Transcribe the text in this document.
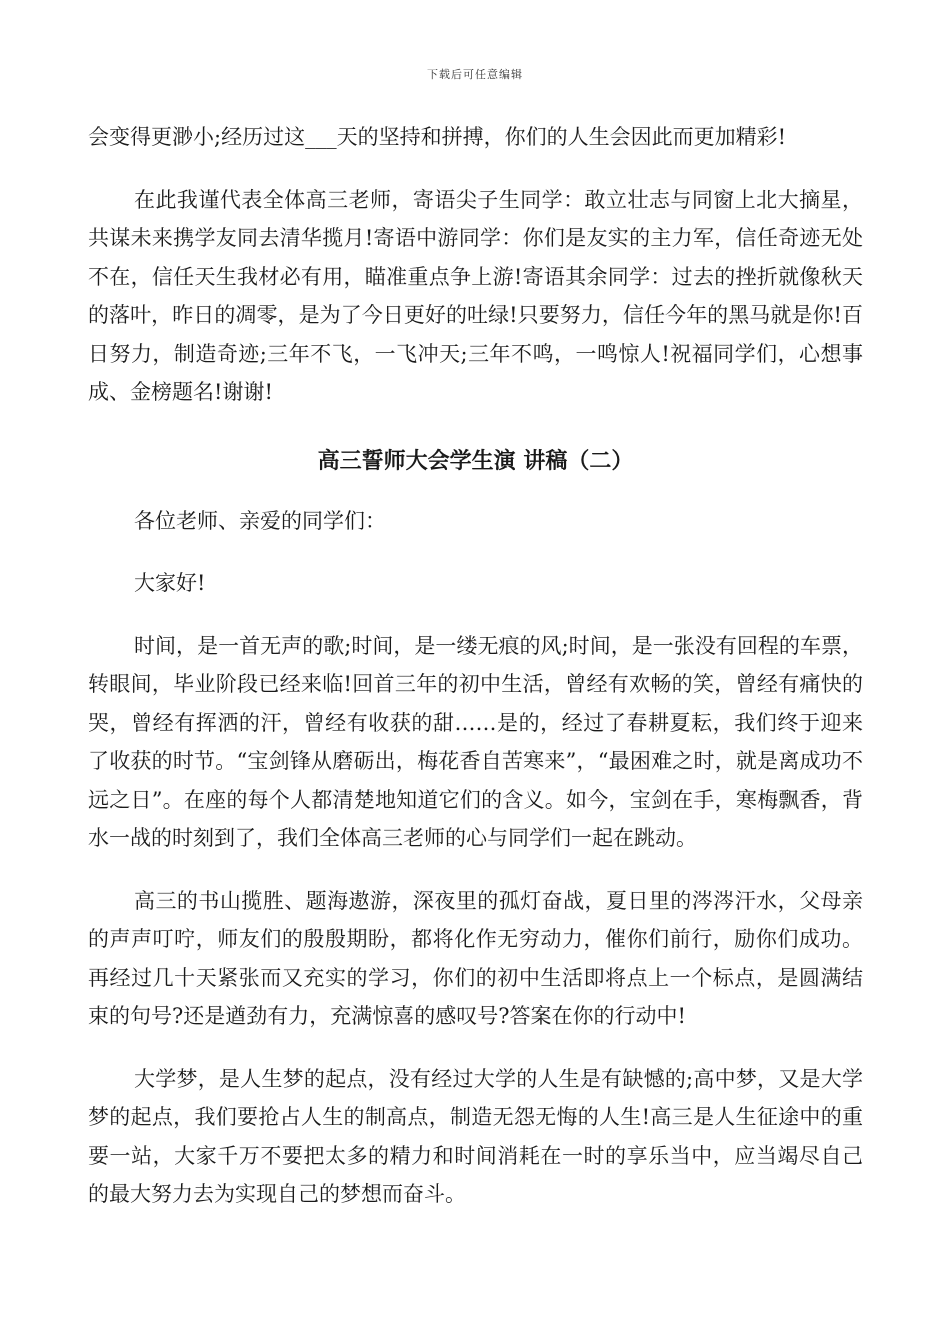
下载后可任意编辑

会变得更渺小;经历过这___天的坚持和拼搏，你们的人生会因此而更加精彩!

在此我谨代表全体高三老师，寄语尖子生同学：敢立壮志与同窗上北大摘星，共谋未来携学友同去清华揽月!寄语中游同学：你们是友实的主力军，信任奇迹无处不在，信任天生我材必有用，瞄准重点争上游!寄语其余同学：过去的挫折就像秋天的落叶，昨日的凋零，是为了今日更好的吐绿!只要努力，信任今年的黑马就是你!百日努力，制造奇迹;三年不飞，一飞冲天;三年不鸣，一鸣惊人!祝福同学们，心想事成、金榜题名!谢谢!

高三誓师大会学生演 讲稿（二）

各位老师、亲爱的同学们：

大家好!

时间，是一首无声的歌;时间，是一缕无痕的风;时间，是一张没有回程的车票，转眼间，毕业阶段已经来临!回首三年的初中生活，曾经有欢畅的笑，曾经有痛快的哭，曾经有挥洒的汗，曾经有收获的甜……是的，经过了春耕夏耘，我们终于迎来了收获的时节。“宝剑锋从磨砺出，梅花香自苦寒来”，“最困难之时，就是离成功不远之日”。在座的每个人都清楚地知道它们的含义。如今，宝剑在手，寒梅飘香，背水一战的时刻到了，我们全体高三老师的心与同学们一起在跳动。

高三的书山揽胜、题海遨游，深夜里的孤灯奋战，夏日里的涔涔汗水，父母亲的声声叮咛，师友们的殷殷期盼，都将化作无穷动力，催你们前行，励你们成功。再经过几十天紧张而又充实的学习，你们的初中生活即将点上一个标点，是圆满结束的句号?还是遒劲有力，充满惊喜的感叹号?答案在你的行动中!

大学梦，是人生梦的起点，没有经过大学的人生是有缺憾的;高中梦，又是大学梦的起点，我们要抢占人生的制高点，制造无怨无悔的人生!高三是人生征途中的重要一站，大家千万不要把太多的精力和时间消耗在一时的享乐当中，应当竭尽自己的最大努力去为实现自己的梦想而奋斗。
